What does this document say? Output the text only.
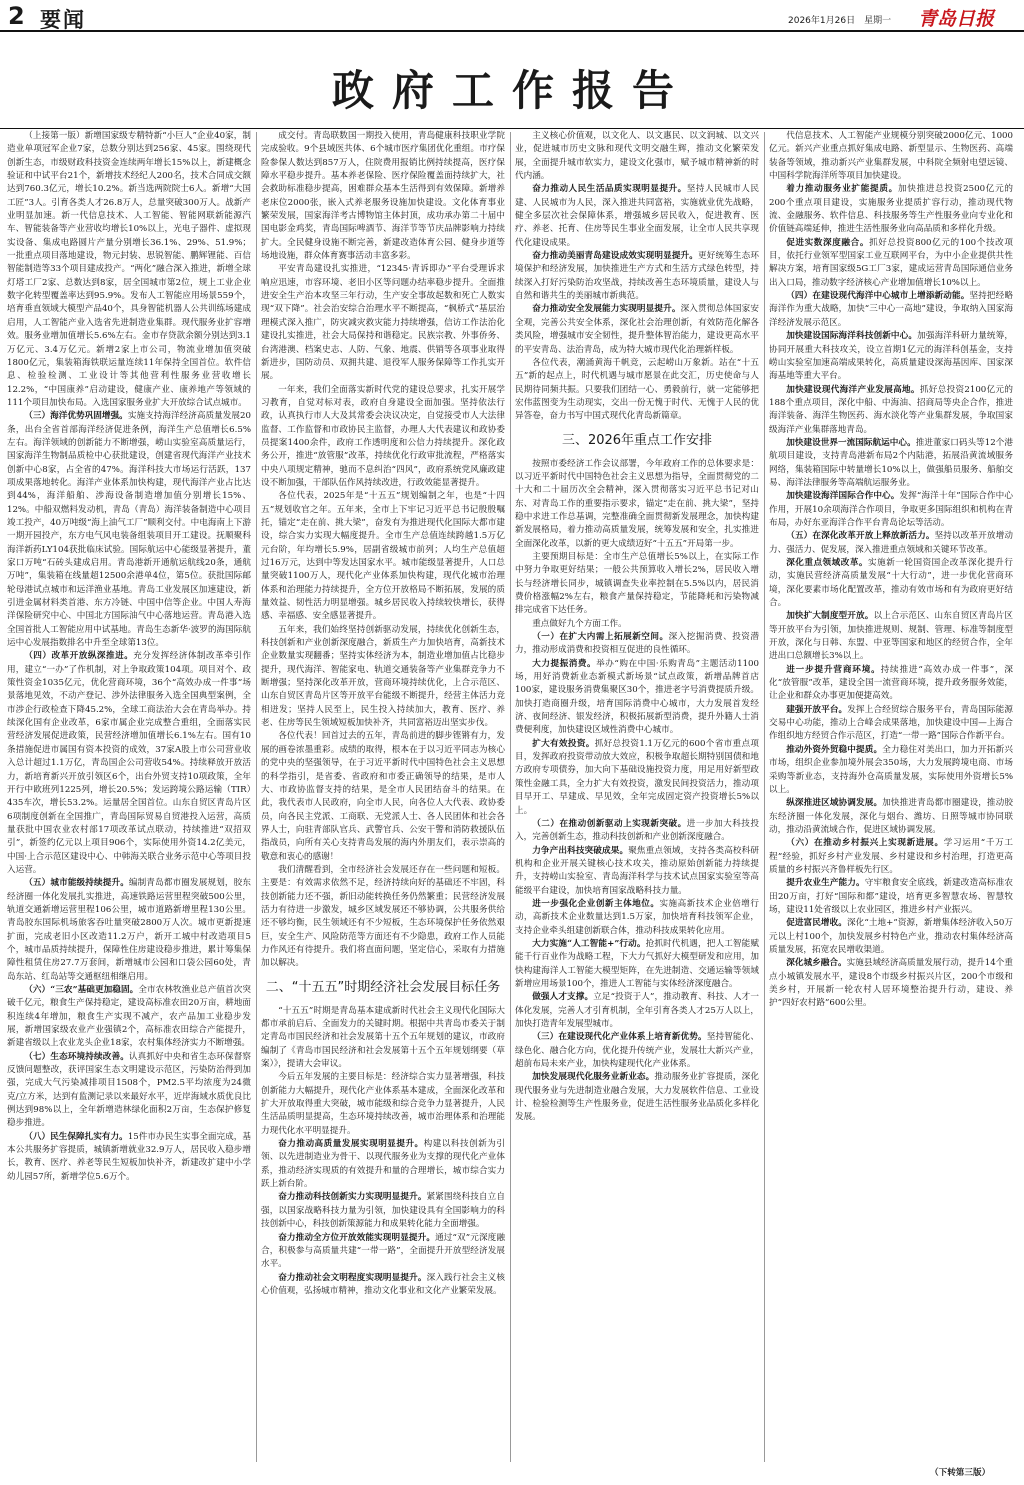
2 要闻	2026年1月26日　星期一 青岛日报
政府工作报告

（上接第一版）新增国家级专精特新“小巨人”企业40家，制造业单项冠军企业7家，总数分别达到256家、45家。围绕现代创新生态，市级财政科技资金连续两年增长15%以上，新建概念验证和中试平台21个，新增技术经纪人200名，技术合同成交额达到760.3亿元，增长10.2%。新当选两院院士6人。新增“大国工匠”3人。引育各类人才26.8万人，总量突破300万人。战新产业明显加速。新一代信息技术、人工智能、智能网联新能源汽车、智能装备等产业营收均增长10%以上，光电子器件、虚拟现实设备、集成电路圆片产量分别增长36.1%、29%、51.9%；一批重点项目落地建设，物元封装、思锐智能、鹏辉锂能、百信智能制造等33个项目建成投产。“两化”融合深入推进，新增全球灯塔工厂2家、总数达到8家，居全国城市第2位，规上工业企业数字化转型覆盖率达到95.9%。发布人工智能应用场景559个，培育垂直领域大模型产品40个，具身智能机器人公共训练场建成启用，人工智能产业入选省先进制造业集群。现代服务业扩容增效。服务业增加值增长5.6%左右。金市存贷款余额分别达到3.1万亿元、3.4万亿元。新增2家上市公司，物流业增加值突破1800亿元，集装箱海铁联运量连续11年保持全国首位。软件信息、检验检测、工业设计等其他营利性服务业营收增长12.2%，“中国康养”启动建设，健康产业、康养地产等领域的111个项目加快布局。入选国家服务业扩大开放综合试点城市。

（三）海洋优势巩固增强。实施支持海洋经济高质量发展20条，出台全省首部海洋经济促进条例，海洋生产总值增长6.5%左右。海洋领域的创新能力不断增强，崂山实验室高质量运行，国家海洋生物制品质检中心获批建设，创建省现代海洋产业技术创新中心8家，占全省的47%。海洋科技大市场运行活跃，137项成果落地转化。海洋产业体系加快构建，现代海洋产业占比达到44%，海洋船舶、涉海设备制造增加值分别增长15%、12%。中船双燃料发动机，青岛（青岛）海洋装备制造中心项目竣工投产，40万吨级“海上油气工厂”顺利交付。中电海南上下游一期开园投产，东方电气风电装备组装项目开工建设。抚顺聚科海洋新药LY104获批临床试验。国际航运中心能级显著提升，董家口万吨“石砖头建成启用。青岛港新开通航运航线20条，通航万吨”，集装箱在线量超12500余港单4位，第5位。获批国际邮轮母港试点城市和远洋渔业基地。青岛工业发展区加速建设，新引进金属材料类首港、东方冷链、中国中信等企业。中国人寿海洋保险研究中心、中国北方国际油气中心落地运营。青岛港入选全国首批人工智能应用中试基地。青岛生态新华·波罗的海国际航运中心发展指数排名中升至全球第13位。

（四）改革开放纵深推进。充分发挥经济体制改革牵引作用，建立“一办”了作机制，对上争取政策104项。项目对个、政策性资金1035亿元，优化营商环境，36个“高效办成一件事”场景落地见效，不动产登记、涉外法律服务入选全国典型案例，全市涉企行政检查下降45.2%，全球工商法治大会在青岛举办。持续深化国有企业改革，6家市属企业完成整合重组，全面落实民营经济发展促进政策，民营经济增加值增长6.1%左右。国有10条措施促进市属国有资本投资的成效，37家A股上市公司营业收入总计超过1.1万亿，青岛国企公司营收54%。持续释放开放活力，新培育新兴开放引领区6个，出台外贸支持10项政策，全年开行中欧班列1225列，增长20.5%；发运跨境公路运输（TIR）435车次，增长53.2%。运量居全国首位。山东自贸区青岛片区6项制度创新在全国推广，青岛国际贸易自贸港投入运营，高质量获批中国农业农村部17项改革试点联动，持续推进“双招双引”，新签约亿元以上项目906个，实际使用外资14.2亿美元，中国·上合示范区建设中心、中韩海关联合业务示范中心等项目投入运营。

（五）城市能级持续提升。编制青岛都市圈发展规划，胶东经济圈一体化发展扎实推进，高速铁路运营里程突破500公里，轨道交通新增运营里程106公里，城市道路新增里程130公里。青岛胶东国际机场旅客吞吐量突破2800万人次。城市更新提速扩面，完成老旧小区改造11.2万户，新开工城中村改造项目5个，城市品质持续提升，保障性住房建设稳步推进，累计筹集保障性租赁住房27.7万套间，新增城市公园和口袋公园60处，青岛东站、红岛站等交通枢纽相继启用。

（六）“三农”基础更加稳固。全市农林牧渔业总产值首次突破千亿元，粮食生产保持稳定，建设高标准农田20万亩，耕地面积连续4年增加，粮食生产实现不减产，农产品加工业稳步发展，新增国家级农业产业强镇2个，高标准农田综合产能提升，新建省级以上农业龙头企业18家，农村集体经济实力不断增强。

（七）生态环境持续改善。认真抓好中央和省生态环保督察反馈问题整改，获评国家生态文明建设示范区，污染防治得到加强，完成大气污染减排项目1508个，PM2.5平均浓度为24微克/立方米，达到有监测记录以来最好水平，近岸海域水质优良比例达到98%以上，全年新增造林绿化面积2万亩，生态保护修复稳步推进。

（八）民生保障扎实有力。15件市办民生实事全面完成，基本公共服务扩容提质，城镇新增就业32.9万人，居民收入稳步增长，教育、医疗、养老等民生短板加快补齐，新建改扩建中小学幼儿园57所，新增学位5.6万个。

成交付。青岛联数国一期投入使用，青岛健康科技职业学院完成验收。9个县域医共体、6个城市医疗集团优化重组。市疗保险参保人数达到857万人，住院费用报销比例持续提高，医疗保障水平稳步提升。基本养老保险、医疗保险覆盖面持续扩大，社会救助标准稳步提高，困难群众基本生活得到有效保障。新增养老床位2000张，嵌入式养老服务设施加快建设。文化体育事业繁荣发展，国家海洋考古博物馆主体封顶，成功承办第二十届中国电影金鸡奖，青岛国际啤酒节、海洋节等节庆品牌影响力持续扩大。全民健身设施不断完善，新建改造体育公园、健身步道等场地设施，群众体育赛事活动丰富多彩。

平安青岛建设扎实推进，“12345·青诉即办”平台受理诉求响应迅速，市容环境、老旧小区等问题办结率稳步提升。全面推进安全生产治本攻坚三年行动，生产安全事故起数和死亡人数实现“双下降”。社会治安综合治理水平不断提高，“枫桥式”基层治理模式深入推广，防灾减灾救灾能力持续增强，信访工作法治化建设扎实推进，社会大局保持和谐稳定。民族宗教、外事侨务、台湾港澳、档案史志、人防、气象、地震、供销等各项事业取得新进步，国防动员、双拥共建、退役军人服务保障等工作扎实开展。

一年来，我们全面落实新时代党的建设总要求，扎实开展学习教育，自觉对标对表，政府自身建设全面加强。坚持依法行政，认真执行市人大及其常委会决议决定，自觉接受市人大法律监督、工作监督和市政协民主监督，办理人大代表建议和政协委员提案1400余件，政府工作透明度和公信力持续提升。深化政务公开，推进“放管服”改革，持续优化行政审批流程，严格落实中央八项规定精神，驰而不息纠治“四风”，政府系统党风廉政建设不断加强，干部队伍作风持续改进，行政效能显著提升。

各位代表，2025年是“十五五”规划编制之年，也是“十四五”规划收官之年。五年来，全市上下牢记习近平总书记殷殷嘱托，锚定“走在前、挑大梁”，奋发有为推进现代化国际大都市建设，综合实力实现大幅度提升。全市生产总值连续跨越1.5万亿元台阶，年均增长5.9%，居副省级城市前列；人均生产总值超过16万元，达到中等发达国家水平。城市能级显著提升，人口总量突破1100万人，现代化产业体系加快构建，现代化城市治理体系和治理能力持续提升，全方位开放格局不断拓展，发展的质量效益、韧性活力明显增强。城乡居民收入持续较快增长，获得感、幸福感、安全感显著提升。

五年来，我们始终坚持创新驱动发展，持续优化创新生态，科技创新和产业创新深度融合，新质生产力加快培育，高新技术企业数量实现翻番；坚持实体经济为本，制造业增加值占比稳步提升，现代海洋、智能家电、轨道交通装备等产业集群竞争力不断增强；坚持深化改革开放，营商环境持续优化，上合示范区、山东自贸区青岛片区等开放平台能级不断提升，经营主体活力竞相迸发；坚持人民至上，民生投入持续加大，教育、医疗、养老、住房等民生领域短板加快补齐，共同富裕迈出坚实步伐。

各位代表！回首过去的五年，青岛前进的脚步铿锵有力，发展的画卷浓墨重彩。成绩的取得，根本在于以习近平同志为核心的党中央的坚强领导，在于习近平新时代中国特色社会主义思想的科学指引，是省委、省政府和市委正确领导的结果，是市人大、市政协监督支持的结果，是全市人民团结奋斗的结果。在此，我代表市人民政府，向全市人民，向各位人大代表、政协委员，向各民主党派、工商联、无党派人士、各人民团体和社会各界人士，向驻青部队官兵、武警官兵、公安干警和消防救援队伍指战员，向所有关心支持青岛发展的海内外朋友们，表示崇高的敬意和衷心的感谢！

我们清醒看到，全市经济社会发展还存在一些问题和短板。主要是：有效需求依然不足，经济持续向好的基础还不牢固，科技创新能力还不强，新旧动能转换任务仍然繁重；民营经济发展活力有待进一步激发，城乡区域发展还不够协调，公共服务供给还不够均衡，民生领域还有不少短板，生态环境保护任务依然艰巨，安全生产、风险防范等方面还有不少隐患，政府工作人员能力作风还有待提升。我们将直面问题，坚定信心，采取有力措施加以解决。

二、“十五五”时期经济社会发展目标任务

“十五五”时期是青岛基本建成新时代社会主义现代化国际大都市承前启后、全面发力的关键时期。根据中共青岛市委关于制定青岛市国民经济和社会发展第十五个五年规划的建议，市政府编制了《青岛市国民经济和社会发展第十五个五年规划纲要（草案）》，提请大会审议。

今后五年发展的主要目标是：经济综合实力显著增强，科技创新能力大幅提升，现代化产业体系基本建成，全面深化改革和扩大开放取得重大突破，城市能级和综合竞争力显著提升，人民生活品质明显提高，生态环境持续改善，城市治理体系和治理能力现代化水平明显提升。

奋力推动高质量发展实现明显提升。构建以科技创新为引领、以先进制造业为骨干、以现代服务业为支撑的现代化产业体系，推动经济实现质的有效提升和量的合理增长，城市综合实力跃上新台阶。

奋力推动科技创新实力实现明显提升。紧紧围绕科技自立自强，以国家战略科技力量为引领，加快建设具有全国影响力的科技创新中心，科技创新策源能力和成果转化能力全面增强。

奋力推动全方位开放效能实现明显提升。通过“双”元深度融合，积极参与高质量共建“一带一路”，全面提升开放型经济发展水平。

奋力推动社会文明程度实现明显提升。深入践行社会主义核心价值观，弘扬城市精神，推动文化事业和文化产业繁荣发展。

主义核心价值观，以文化人、以文惠民、以文润城、以文兴业，促进城市历史文脉和现代文明交融生辉，推动文化繁荣发展，全面提升城市软实力，建设文化强市，赋予城市精神新的时代内涵。

奋力推动人民生活品质实现明显提升。坚持人民城市人民建、人民城市为人民，深入推进共同富裕，实施就业优先战略，健全多层次社会保障体系，增强城乡居民收入，促进教育、医疗、养老、托育、住房等民生事业全面发展，让全市人民共享现代化建设成果。

奋力推动美丽青岛建设成效实现明显提升。更好统筹生态环境保护和经济发展，加快推进生产方式和生活方式绿色转型，持续深入打好污染防治攻坚战，持续改善生态环境质量，建设人与自然和谐共生的美丽城市新典范。

奋力推动安全发展能力实现明显提升。深入贯彻总体国家安全观，完善公共安全体系，深化社会治理创新，有效防范化解各类风险，增强城市安全韧性，提升整体智治能力，建设更高水平的平安青岛、法治青岛，成为特大城市现代化治理新样板。

各位代表，潮涌黄海千帆竞，云起崂山万象新。站在“十五五”新的起点上，时代机遇与城市愿景在此交汇，历史使命与人民期待同频共振。只要我们团结一心、勇毅前行，就一定能够把宏伟蓝图变为生动现实，交出一份无愧于时代、无愧于人民的优异答卷，奋力书写中国式现代化青岛新篇章。

三、2026年重点工作安排

按照市委经济工作会议部署，今年政府工作的总体要求是：以习近平新时代中国特色社会主义思想为指导，全面贯彻党的二十大和二十届历次全会精神，深入贯彻落实习近平总书记对山东、对青岛工作的重要指示要求，锚定“走在前、挑大梁”，坚持稳中求进工作总基调，完整准确全面贯彻新发展理念，加快构建新发展格局，着力推动高质量发展，统筹发展和安全，扎实推进全面深化改革，以新的更大成绩迈好“十五五”开局第一步。

主要预期目标是：全市生产总值增长5%以上，在实际工作中努力争取更好结果；一般公共预算收入增长2%，居民收入增长与经济增长同步，城镇调查失业率控制在5.5%以内，居民消费价格涨幅2%左右，粮食产量保持稳定，节能降耗和污染物减排完成省下达任务。

重点做好九个方面工作。

（一）在扩大内需上拓展新空间。深入挖掘消费、投资潜力，推动形成消费和投资相互促进的良性循环。

大力提振消费。举办“购在中国·乐购青岛”主题活动1100场，用好消费新业态新模式新场景“试点政策，新增品牌首店100家，建设服务消费集聚区30个，推进老字号消费提质升级。加快打造商圈升级，培育国际消费中心城市，大力发展首发经济、夜间经济、银发经济，积极拓展新型消费，提升外籍人士消费便利度，加快建设区域性消费中心城市。

扩大有效投资。抓好总投资1.1万亿元的600个省市重点项目，发挥政府投资带动放大效应，积极争取超长期特别国债和地方政府专项债券，加大向下基础设施投资力度，用足用好新型政策性金融工具，全力扩大有效投资，激发民间投资活力，推动项目早开工、早建成、早见效，全年完成固定资产投资增长5%以上。

（二）在推动创新驱动上实现新突破。进一步加大科技投入，完善创新生态，推动科技创新和产业创新深度融合。

力争产出科技突破成果。聚焦重点领域，支持各类高校科研机构和企业开展关键核心技术攻关，推动原始创新能力持续提升，支持崂山实验室、青岛海洋科学与技术试点国家实验室等高能级平台建设，加快培育国家战略科技力量。

进一步强化企业创新主体地位。实施高新技术企业倍增行动，高新技术企业数量达到1.5万家，加快培育科技领军企业，支持企业牵头组建创新联合体，推动科技成果转化应用。

大力实施“人工智能+”行动。抢抓时代机遇，把人工智能赋能千行百业作为战略工程，下大力气抓好大模型研发和应用，加快构建海洋人工智能大模型矩阵，在先进制造、交通运输等领域新增应用场景100个，推进人工智能与实体经济深度融合。

做强人才支撑。立足“投资于人”，推动教育、科技、人才一体化发展，完善人才引育机制，全年引育各类人才25万人以上，加快打造青年发展型城市。

（三）在建设现代化产业体系上培育新优势。坚持智能化、绿色化、融合化方向，优化提升传统产业，发展壮大新兴产业，超前布局未来产业，加快构建现代化产业体系。

加快发展现代化服务业新业态。推动服务业扩容提质，深化现代服务业与先进制造业融合发展，大力发展软件信息、工业设计、检验检测等生产性服务业，促进生活性服务业品质化多样化发展。

代信息技术、人工智能产业规模分别突破2000亿元、1000亿元。新兴产业重点抓好集成电路、新型显示、生物医药、高端装备等领域，推动新兴产业集群发展，中科院全频射电望远镜、中国科学院海洋所等项目加快建设。

着力推动服务业扩能提质。加快推进总投资2500亿元的200个重点项目建设，实施服务业提质扩容行动，推动现代物流、金融服务、软件信息、科技服务等生产性服务业向专业化和价值链高端延伸，推进生活性服务业向高品质和多样化升级。

促进实数深度融合。抓好总投资800亿元的100个技改项目，依托行业领军型国家工业互联网平台，为中小企业提供共性解决方案，培育国家级5G工厂3家，建成运营青岛国际通信业务出入口局，推动数字经济核心产业增加值增长10%以上。

（四）在建设现代海洋中心城市上增添新动能。坚持把经略海洋作为重大战略，加快“三中心一高地”建设，争取纳入国家海洋经济发展示范区。

加快建设国际海洋科技创新中心。加强海洋科研力量统筹，协同开展重大科技攻关，设立首期1亿元的海洋科创基金，支持崂山实验室加速高端成果转化，高质量建设深海基因库、国家深海基地等重大平台。

加快建设现代海洋产业发展高地。抓好总投资2100亿元的188个重点项目，深化中船、中海油、招商局等央企合作，推进海洋装备、海洋生物医药、海水淡化等产业集群发展，争取国家级海洋产业集群落地青岛。

加快建设世界一流国际航运中心。推进董家口码头等12个港航项目建设，支持青岛港新布局2个内陆港，拓展沿黄流域服务网络，集装箱国际中转量增长10%以上，做强船员服务、船舶交易、海洋法律服务等高端航运服务业。

加快建设海洋国际合作中心。发挥“海洋十年”国际合作中心作用，开展10余项海洋合作项目，争取更多国际组织和机构在青布局，办好东亚海洋合作平台青岛论坛等活动。

（五）在深化改革开放上释放新活力。坚持以改革开放增动力、强活力、促发展，深入推进重点领域和关键环节改革。

深化重点领域改革。实施新一轮国资国企改革深化提升行动，实施民营经济高质量发展“十大行动”，进一步优化营商环境，深化要素市场化配置改革，推动有效市场和有为政府更好结合。

加快扩大制度型开放。以上合示范区、山东自贸区青岛片区等开放平台为引领，加快推进规则、规制、管理、标准等制度型开放，深化与日韩、东盟、中亚等国家和地区的经贸合作，全年进出口总额增长3%以上。

进一步提升营商环境。持续推进“高效办成一件事”，深化“放管服”改革，建设全国一流营商环境，提升政务服务效能，让企业和群众办事更加便捷高效。

建强开放平台。发挥上合经贸综合服务平台，青岛国际能源交易中心功能，推动上合峰会成果落地，加快建设中国—上海合作组织地方经贸合作示范区，打造“一带一路”国际合作新平台。

推动外资外贸稳中提质。全力稳住对美出口，加力开拓新兴市场，组织企业参加境外展会350场，大力发展跨境电商、市场采购等新业态，支持海外仓高质量发展，实际使用外资增长5%以上。

纵深推进区域协调发展。加快推进青岛都市圈建设，推动胶东经济圈一体化发展，深化与烟台、潍坊、日照等城市协同联动，推动沿黄流域合作，促进区域协调发展。

（六）在推动乡村振兴上实现新进展。学习运用“千万工程”经验，抓好乡村产业发展、乡村建设和乡村治理，打造更高质量的乡村振兴齐鲁样板先行区。

提升农业生产能力。守牢粮食安全底线，新建改造高标准农田20万亩，打好“国际和都”建设，培育更多智慧农场、智慧牧场，建设11处省级以上农业园区，推进乡村产业振兴。

促进富民增收。深化“土地+”资源，新增集体经济收入50万元以上村100个，加快发展乡村特色产业，推动农村集体经济高质量发展，拓宽农民增收渠道。

深化城乡融合。实施县域经济高质量发展行动，提升14个重点小城镇发展水平，建设8个市级乡村振兴片区，200个市级和美乡村，开展新一轮农村人居环境整治提升行动，建设、养护“四好农村路”600公里。

（下转第三版）
